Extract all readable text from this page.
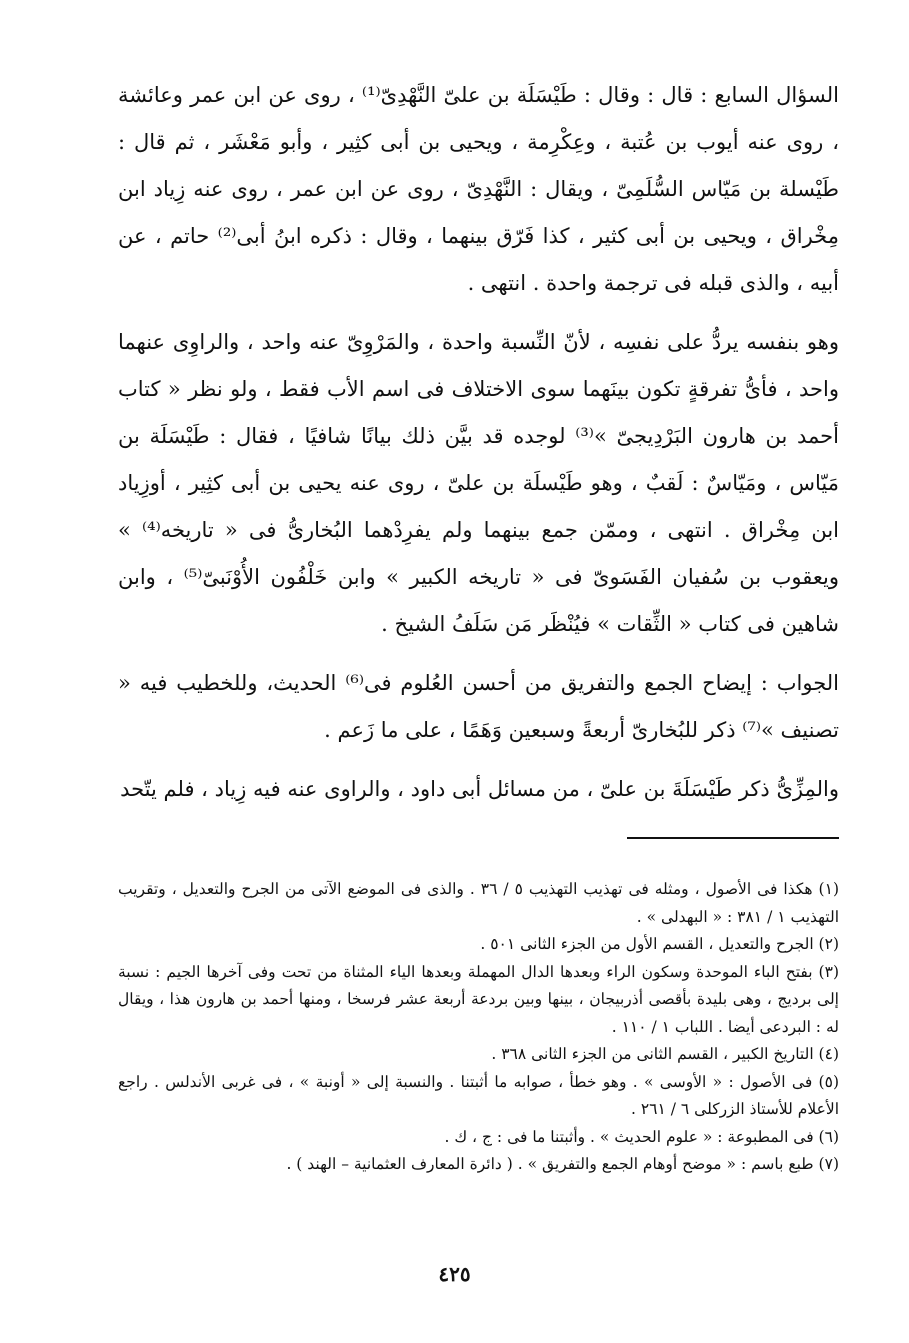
السؤال السابع : قال : وقال : طَيْسَلَة بن علىّ النَّهْدِىّ⁽¹⁾ ، روى عن ابن عمر وعائشة ، روى عنه أيوب بن عُتبة ، وعِكْرِمة ، ويحيى بن أبى كثِير ، وأبو مَعْشَر ، ثم قال : طَيْسلة بن مَيّاس السُّلَمِىّ ، ويقال : النَّهْدِىّ ، روى عن ابن عمر ، روى عنه زِياد ابن مِخْراق ، ويحيى بن أبى كثير ، كذا فَرّق بينهما ، وقال : ذكره ابنُ أبى⁽²⁾ حاتم ، عن أبيه ، والذى قبله فى ترجمة واحدة . انتهى .

وهو بنفسه يردُّ على نفسِه ، لأنّ النِّسبة واحدة ، والمَرْوِىّ عنه واحد ، والراوِى عنهما واحد ، فأىُّ تفرقةٍ تكون بينَهما سوى الاختلاف فى اسم الأب فقط ، ولو نظر « كتاب أحمد بن هارون البَرْدِيجىّ »⁽³⁾ لوجده قد بيَّن ذلك بيانًا شافيًا ، فقال : طَيْسَلَة بن مَيّاس ، ومَيّاسٌ : لَقبٌ ، وهو طَيْسلَة بن علىّ ، روى عنه يحيى بن أبى كثِير ، أوزِياد ابن مِخْراق . انتهى ، وممّن جمع بينهما ولم يفرِدْهما البُخارىُّ فى « تاريخه⁽⁴⁾ » ويعقوب بن سُفيان الفَسَوىّ فى « تاريخه الكبير » وابن خَلْفُون الأُوْنَبىّ⁽⁵⁾ ، وابن شاهين فى كتاب « الثِّقات » فيُنْظَر مَن سَلَفُ الشيخ .

الجواب : إيضاح الجمع والتفريق من أحسن العُلوم فى⁽⁶⁾ الحديث، وللخطيب فيه « تصنيف »⁽⁷⁾ ذكر للبُخارىّ أربعةً وسبعين وَهَمًا ، على ما زَعم .

والمِزِّىُّ ذكر طَيْسَلَةَ بن علىّ ، من مسائل أبى داود ، والراوى عنه فيه زِياد ، فلم يتّحد

(١) هكذا فى الأصول ، ومثله فى تهذيب التهذيب ٥ / ٣٦ . والذى فى الموضع الآتى من الجرح والتعديل ، وتقريب التهذيب ١ / ٣٨١ : « البهدلى » .

(٢) الجرح والتعديل ، القسم الأول من الجزء الثانى ٥٠١ .

(٣) بفتح الباء الموحدة وسكون الراء وبعدها الدال المهملة وبعدها الياء المثناة من تحت وفى آخرها الجيم : نسبة إلى برديج ، وهى بليدة بأقصى أذربيجان ، بينها وبين بردعة أربعة عشر فرسخا ، ومنها أحمد بن هارون هذا ، ويقال له : البردعى أيضا . اللباب ١ / ١١٠ .

(٤) التاريخ الكبير ، القسم الثانى من الجزء الثانى ٣٦٨ .

(٥) فى الأصول : « الأوسى » . وهو خطأ ، صوابه ما أثبتنا . والنسبة إلى « أونبة » ، فى غربى الأندلس . راجع الأعلام للأستاذ الزركلى ٦ / ٢٦١ .

(٦) فى المطبوعة : « علوم الحديث » . وأثبتنا ما فى : ج ، ك .

(٧) طبع باسم : « موضح أوهام الجمع والتفريق » . ( دائرة المعارف العثمانية – الهند ) .

٤٢٥
